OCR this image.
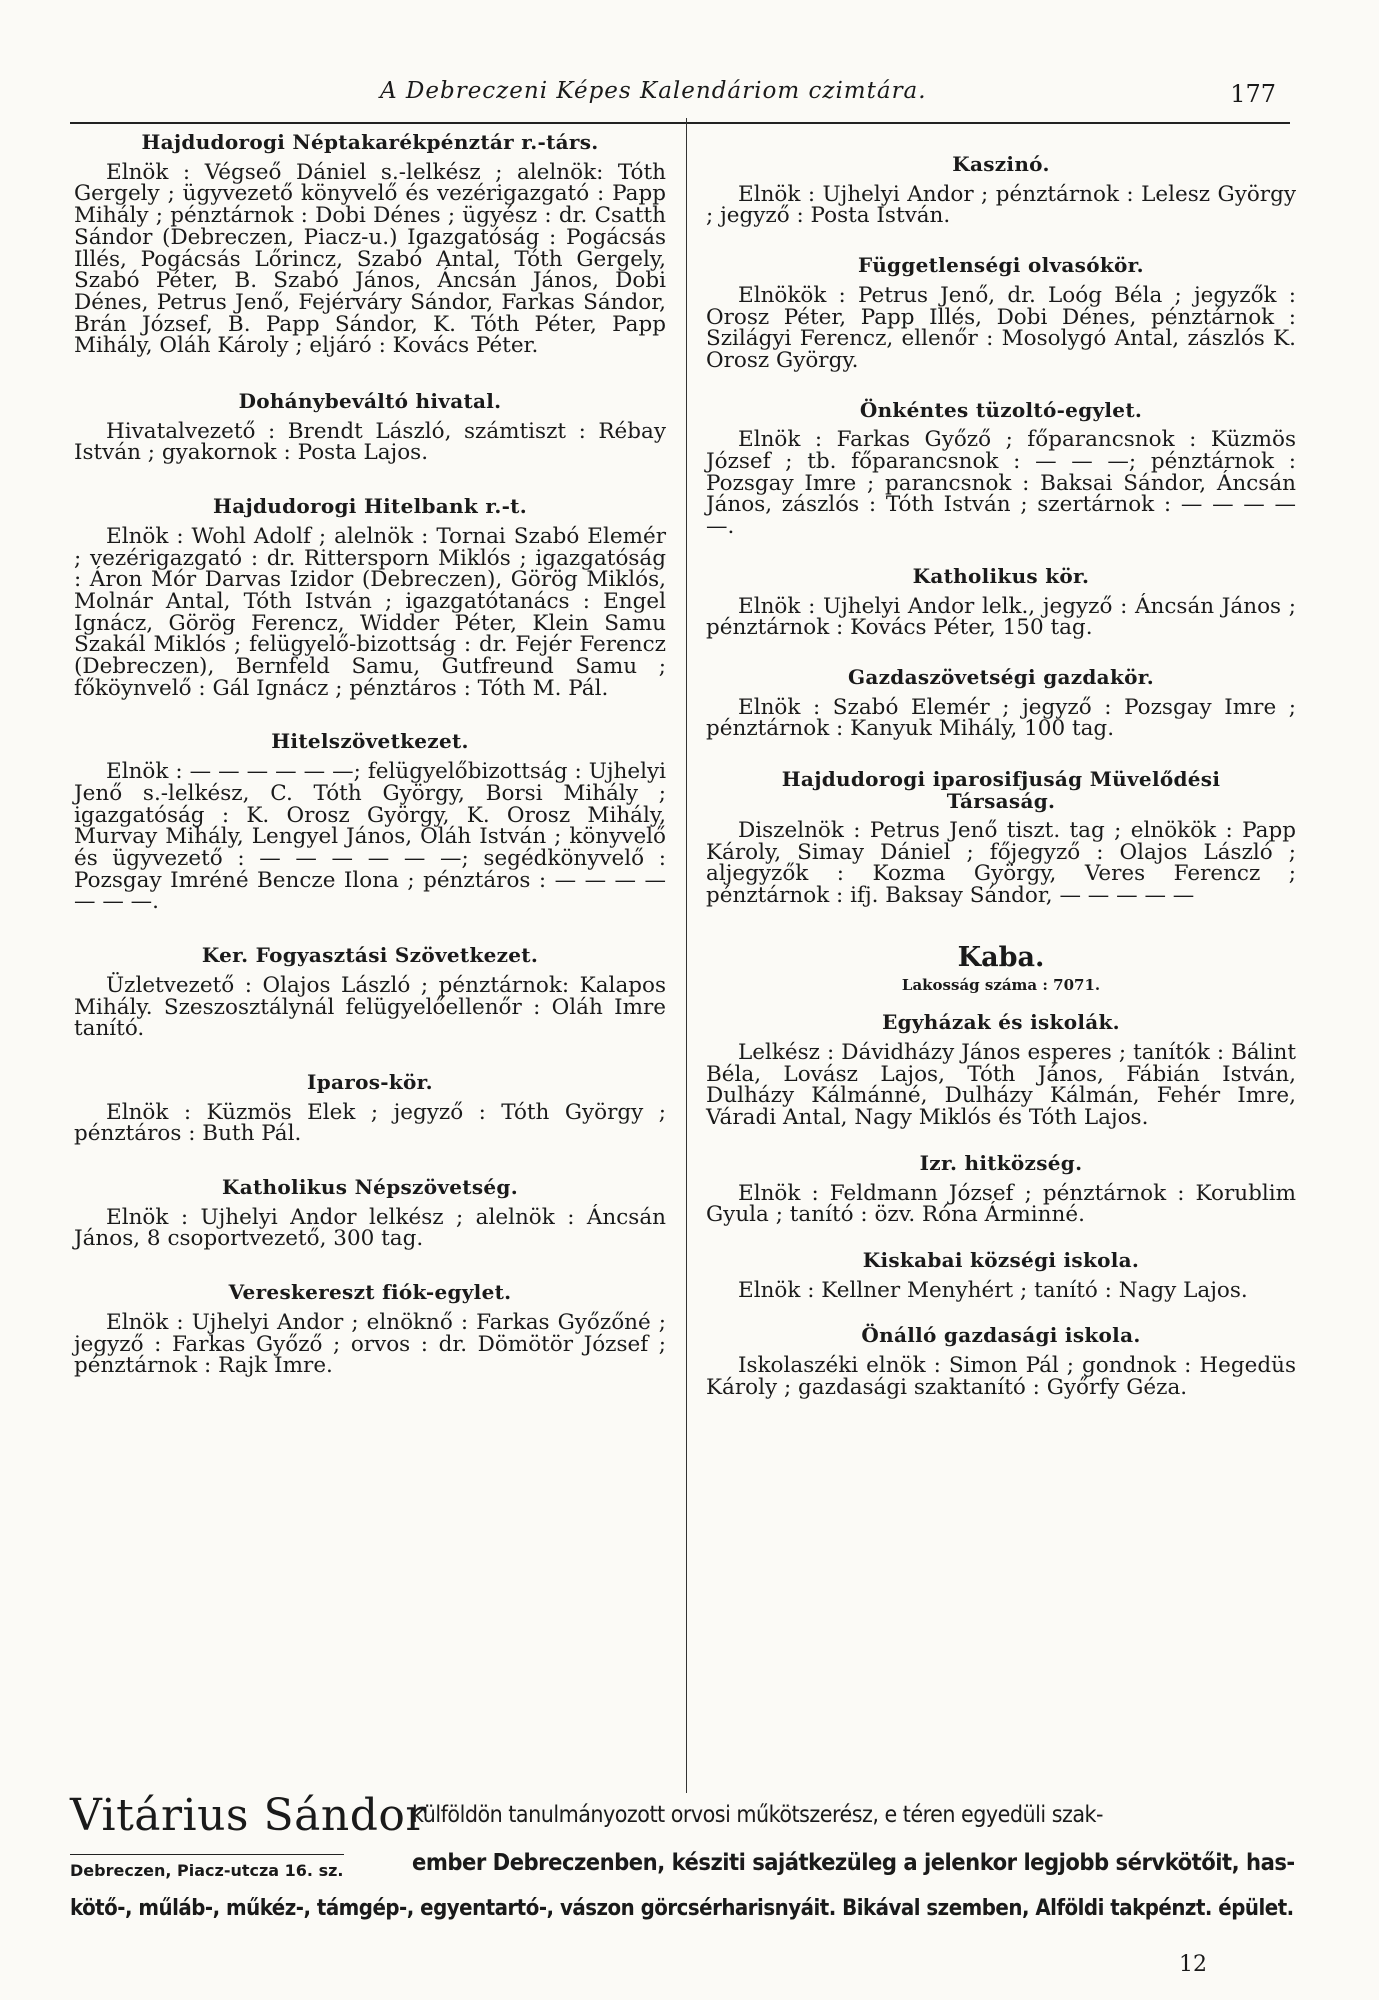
A Debreczeni Képes Kalendáriom czimtára.	177
Hajdudorogi Néptakarékpénztár r.-társ.

Elnök : Végseő Dániel s.-lelkész ; alelnök: Tóth Gergely ; ügyvezető könyvelő és vezérigazgató : Papp Mihály ; pénztárnok : Dobi Dénes ; ügyész : dr. Csatth Sándor (Debreczen, Piacz-u.) Igazgatóság : Pogácsás Illés, Pogácsás Lőrincz, Szabó Antal, Tóth Gergely, Szabó Péter, B. Szabó János, Áncsán János, Dobi Dénes, Petrus Jenő, Fejérváry Sándor, Farkas Sándor, Brán József, B. Papp Sándor, K. Tóth Péter, Papp Mihály, Oláh Károly ; eljáró : Kovács Péter.

Dohánybeváltó hivatal.

Hivatalvezető : Brendt László, számtiszt : Rébay István ; gyakornok : Posta Lajos.

Hajdudorogi Hitelbank r.-t.

Elnök : Wohl Adolf ; alelnök : Tornai Szabó Elemér ; vezérigazgató : dr. Rittersporn Miklós ; igazgatóság : Áron Mór Darvas Izidor (Debreczen), Görög Miklós, Molnár Antal, Tóth István ; igazgatótanács : Engel Ignácz, Görög Ferencz, Widder Péter, Klein Samu Szakál Miklós ; felügyelő-bizottság : dr. Fejér Ferencz (Debreczen), Bernfeld Samu, Gutfreund Samu ; főköynvelő : Gál Ignácz ; pénztáros : Tóth M. Pál.

Hitelszövetkezet.

Elnök : — — — — — —; felügyelőbizottság : Ujhelyi Jenő s.-lelkész, C. Tóth György, Borsi Mihály ; igazgatóság : K. Orosz György, K. Orosz Mihály, Murvay Mihály, Lengyel János, Oláh István ; könyvelő és ügyvezető : — — — — — —; segédkönyvelő : Pozsgay Imréné Bencze Ilona ; pénztáros : — — — — — — —.

Ker. Fogyasztási Szövetkezet.

Üzletvezető : Olajos László ; pénztárnok: Kalapos Mihály. Szeszosztálynál felügyelőellenőr : Oláh Imre tanító.

Iparos-kör.

Elnök : Küzmös Elek ; jegyző : Tóth György ; pénztáros : Buth Pál.

Katholikus Népszövetség.

Elnök : Ujhelyi Andor lelkész ; alelnök : Áncsán János, 8 csoportvezető, 300 tag.

Vereskereszt fiók-egylet.

Elnök : Ujhelyi Andor ; elnöknő : Farkas Győzőné ; jegyző : Farkas Győző ; orvos : dr. Dömötör József ; pénztárnok : Rajk Imre.

Kaszinó.

Elnök : Ujhelyi Andor ; pénztárnok : Lelesz György ; jegyző : Posta István.

Függetlenségi olvasókör.

Elnökök : Petrus Jenő, dr. Loóg Béla ; jegyzők : Orosz Péter, Papp Illés, Dobi Dénes, pénztárnok : Szilágyi Ferencz, ellenőr : Mosolygó Antal, zászlós K. Orosz György.

Önkéntes tüzoltó-egylet.

Elnök : Farkas Győző ; főparancsnok : Küzmös József ; tb. főparancsnok : — — —; pénztárnok : Pozsgay Imre ; parancsnok : Baksai Sándor, Áncsán János, zászlós : Tóth István ; szertárnok : — — — — —.

Katholikus kör.

Elnök : Ujhelyi Andor lelk., jegyző : Áncsán János ; pénztárnok : Kovács Péter, 150 tag.

Gazdaszövetségi gazdakör.

Elnök : Szabó Elemér ; jegyző : Pozsgay Imre ; pénztárnok : Kanyuk Mihály, 100 tag.

Hajdudorogi iparosifjuság Müvelődési Társaság.

Diszelnök : Petrus Jenő tiszt. tag ; elnökök : Papp Károly, Simay Dániel ; főjegyző : Olajos László ; aljegyzők : Kozma György, Veres Ferencz ; pénztárnok : ifj. Baksay Sándor, — — — — —

Kaba.
Lakosság száma : 7071.
Egyházak és iskolák.

Lelkész : Dávidházy János esperes ; tanítók : Bálint Béla, Lovász Lajos, Tóth János, Fábián István, Dulházy Kálmánné, Dulházy Kálmán, Fehér Imre, Váradi Antal, Nagy Miklós és Tóth Lajos.

Izr. hitközség.

Elnök : Feldmann József ; pénztárnok : Korublim Gyula ; tanító : özv. Róna Árminné.

Kiskabai községi iskola.

Elnök : Kellner Menyhért ; tanító : Nagy Lajos.

Önálló gazdasági iskola.

Iskolaszéki elnök : Simon Pál ; gondnok : Hegedüs Károly ; gazdasági szaktanító : Győrfy Géza.

Vitárius Sándor
Debreczen, Piacz-utcza 16. sz.
külföldön tanulmányozott orvosi műkötszerész, e téren egyedüli szak-
ember Debreczenben, késziti sajátkezüleg a jelenkor legjobb sérvkötőit, has-
kötő-, műláb-, műkéz-, támgép-, egyentartó-, vászon görcsérharisnyáit. Bikával szemben, Alföldi takpénzt. épület.
12
